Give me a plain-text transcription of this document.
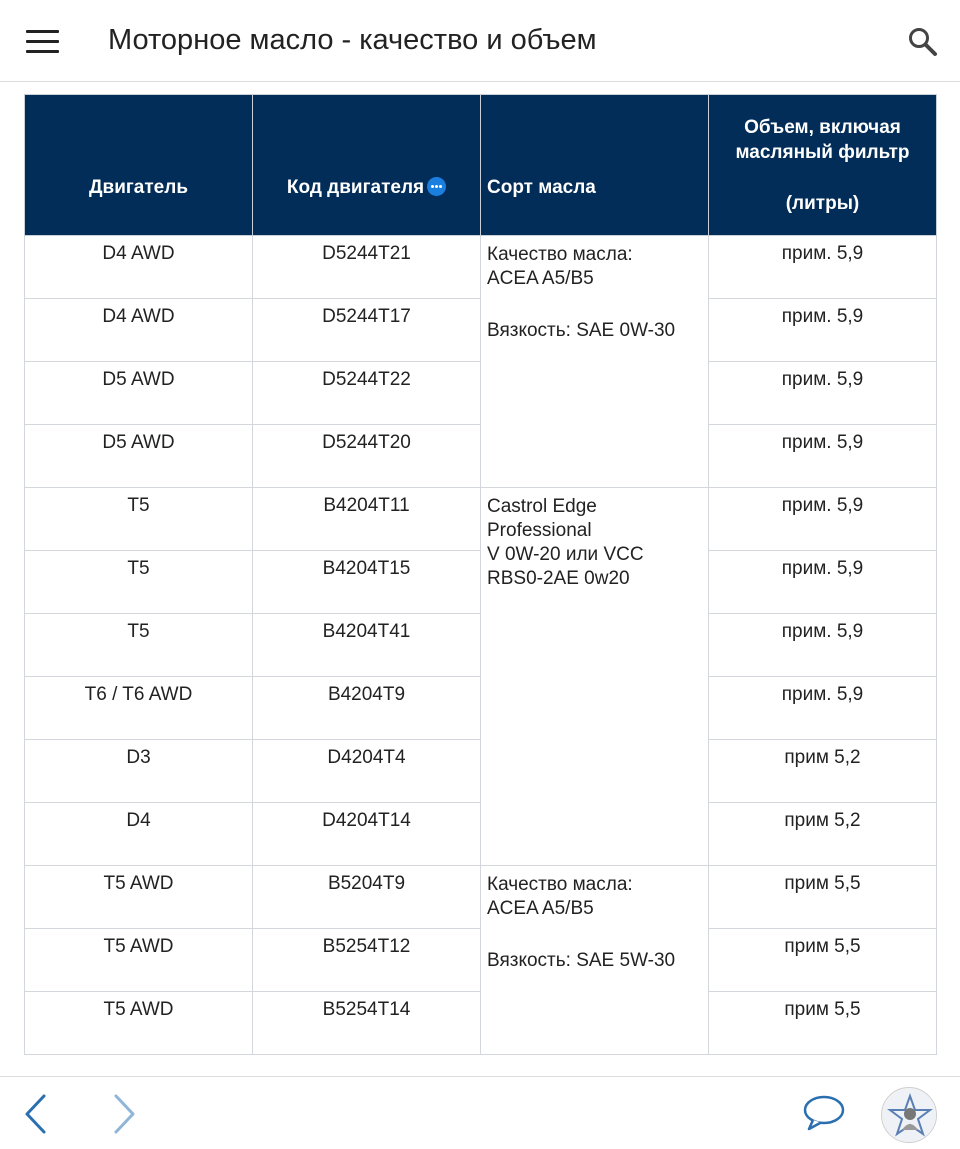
Моторное масло - качество и объем
Двигатель	Код двигателя	Сорт масла	Объем, включая
масляный фильтр
(литры)

D4 AWD	D5244T21	Качество масла:
ACEA A5/B5
Вязкость: SAE 0W-30	прим. 5,9
D4 AWD	D5244T17		прим. 5,9
D5 AWD	D5244T22		прим. 5,9
D5 AWD	D5244T20		прим. 5,9
T5	B4204T11	Castrol Edge Professional
V 0W-20 или VCC
RBS0-2AE 0w20	прим. 5,9
T5	B4204T15		прим. 5,9
T5	B4204T41		прим. 5,9
T6 / T6 AWD	B4204T9		прим. 5,9
D3	D4204T4		прим 5,2
D4	D4204T14		прим 5,2
T5 AWD	B5204T9	Качество масла:
ACEA A5/B5
Вязкость: SAE 5W-30	прим 5,5
T5 AWD	B5254T12		прим 5,5
T5 AWD	B5254T14		прим 5,5
